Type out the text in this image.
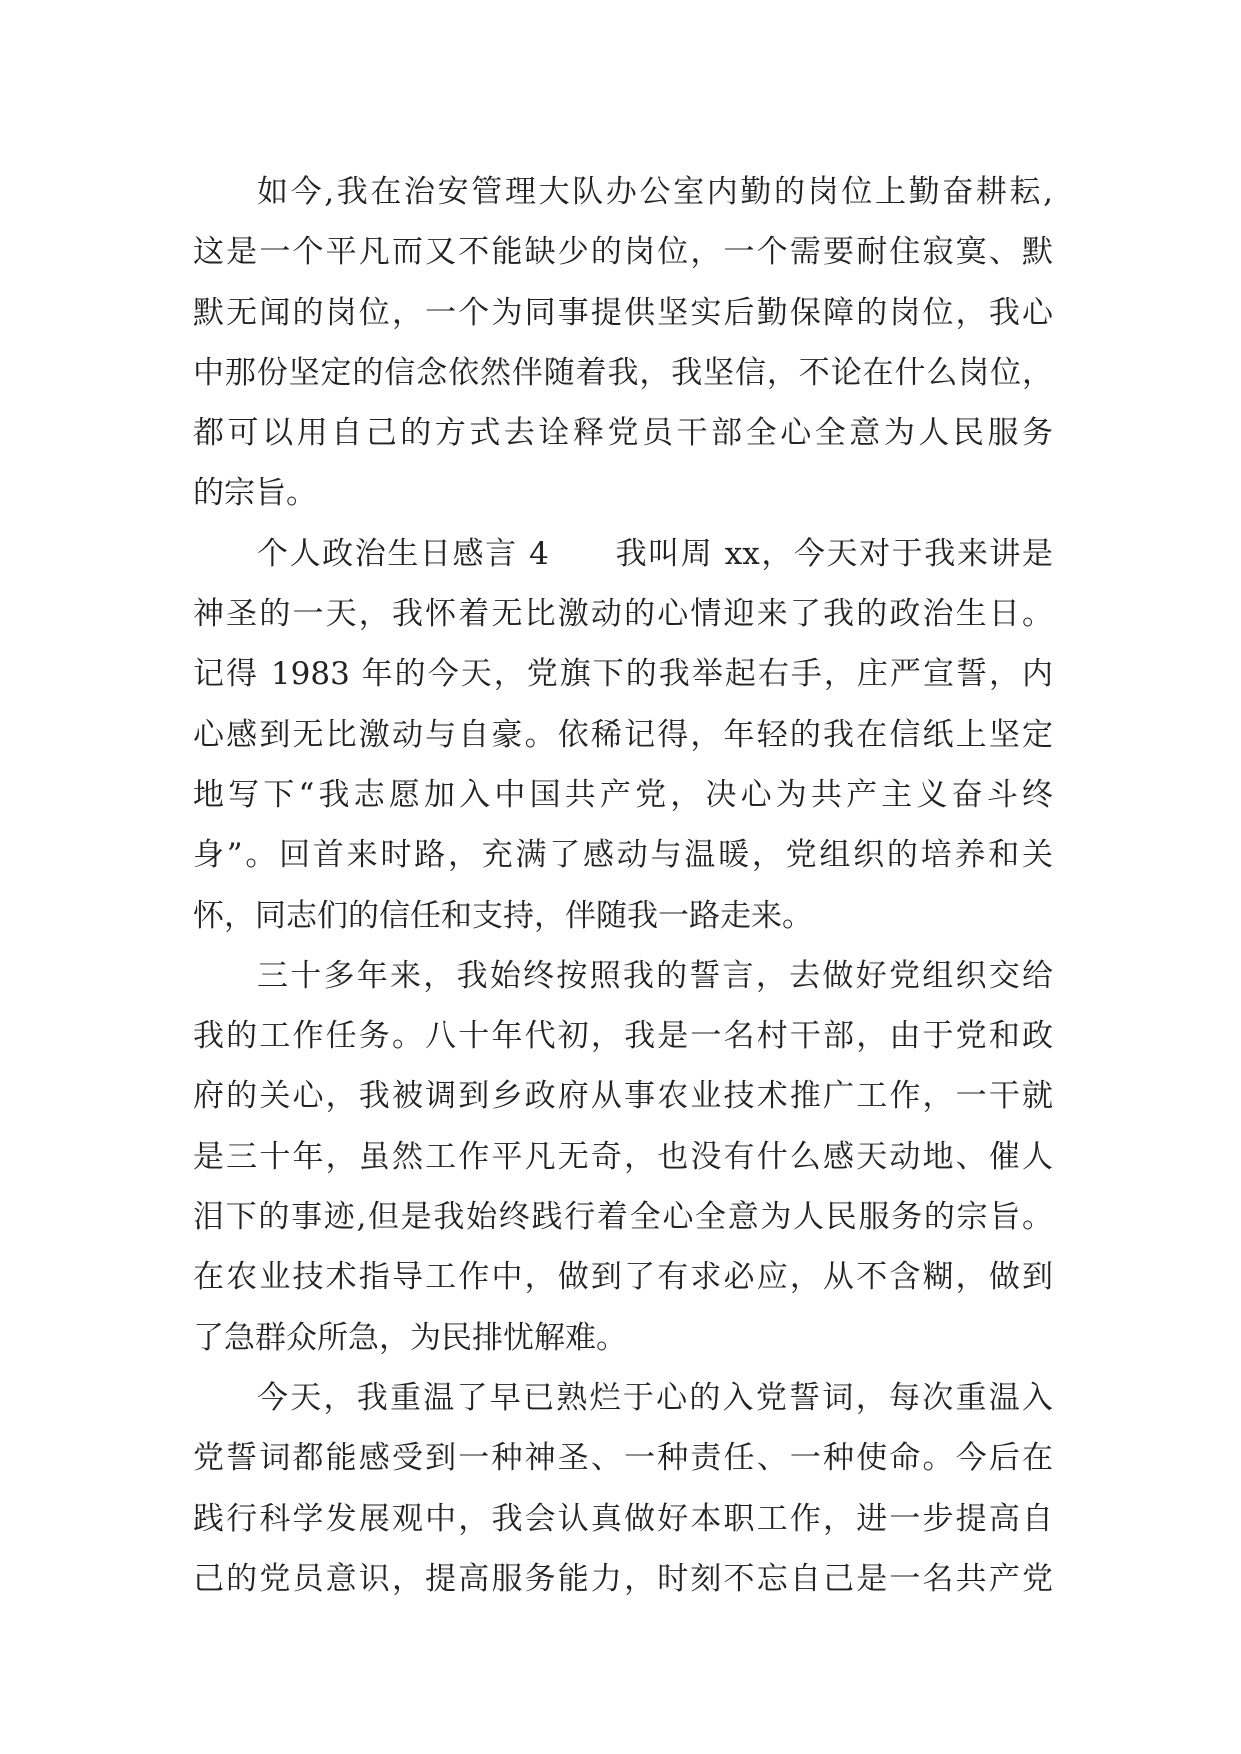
如今,我在治安管理大队办公室内勤的岗位上勤奋耕耘,
这是一个平凡而又不能缺少的岗位，一个需要耐住寂寞、默
默无闻的岗位，一个为同事提供坚实后勤保障的岗位，我心
中那份坚定的信念依然伴随着我，我坚信，不论在什么岗位，
都可以用自己的方式去诠释党员干部全心全意为人民服务
的宗旨。
个人政治生日感言 4　　我叫周 xx，今天对于我来讲是
神圣的一天，我怀着无比激动的心情迎来了我的政治生日。
记得 1983 年的今天，党旗下的我举起右手，庄严宣誓，内
心感到无比激动与自豪。依稀记得，年轻的我在信纸上坚定
地写下“我志愿加入中国共产党，决心为共产主义奋斗终
身”。回首来时路，充满了感动与温暖，党组织的培养和关
怀，同志们的信任和支持，伴随我一路走来。
三十多年来，我始终按照我的誓言，去做好党组织交给
我的工作任务。八十年代初，我是一名村干部，由于党和政
府的关心，我被调到乡政府从事农业技术推广工作，一干就
是三十年，虽然工作平凡无奇，也没有什么感天动地、催人
泪下的事迹,但是我始终践行着全心全意为人民服务的宗旨。
在农业技术指导工作中，做到了有求必应，从不含糊，做到
了急群众所急，为民排忧解难。
今天，我重温了早已熟烂于心的入党誓词，每次重温入
党誓词都能感受到一种神圣、一种责任、一种使命。今后在
践行科学发展观中，我会认真做好本职工作，进一步提高自
己的党员意识，提高服务能力，时刻不忘自己是一名共产党
